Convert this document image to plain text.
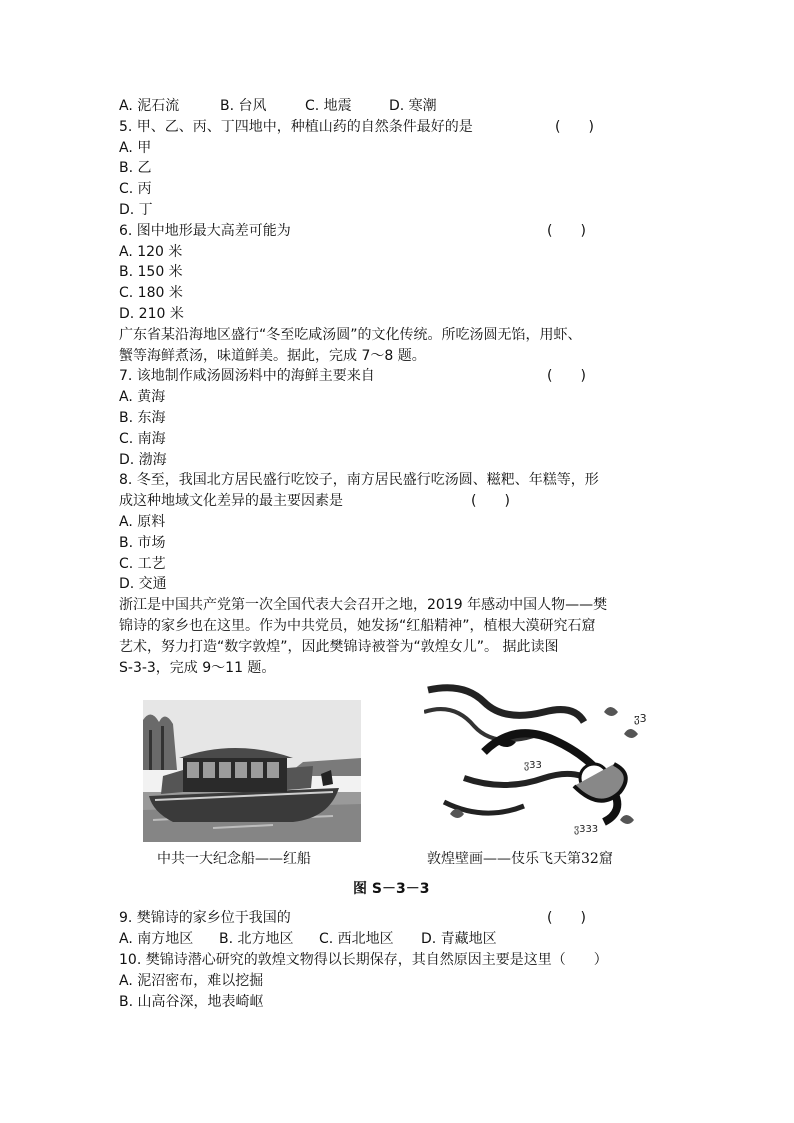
A. 泥石流	B. 台风	C. 地震	D. 寒潮
5. 甲、乙、丙、丁四地中，种植山药的自然条件最好的是	(　　)
A. 甲
B. 乙
C. 丙
D. 丁
6. 图中地形最大高差可能为	(　　)
A. 120 米
B. 150 米
C. 180 米
D. 210 米
广东省某沿海地区盛行“冬至吃咸汤圆”的文化传统。所吃汤圆无馅，用虾、
蟹等海鲜煮汤，味道鲜美。据此，完成 7～8 题。
7. 该地制作咸汤圆汤料中的海鲜主要来自	(　　)
A. 黄海
B. 东海
C. 南海
D. 渤海
8. 冬至，我国北方居民盛行吃饺子，南方居民盛行吃汤圆、糍粑、年糕等，形
成这种地域文化差异的最主要因素是	(　　)
A. 原料
B. 市场
C. 工艺
D. 交通
浙江是中国共产党第一次全国代表大会召开之地，2019 年感动中国人物——樊
锦诗的家乡也在这里。作为中共党员，她发扬“红船精神”，植根大漠研究石窟
艺术，努力打造“数字敦煌”，因此樊锦诗被誉为“敦煌女儿”。 据此读图
S-3-3，完成 9～11 题。
ჳ3
ჳ33
ჳ333
中共一大纪念船——红船	敦煌壁画——伎乐飞天第32窟
图 S－3－3
9. 樊锦诗的家乡位于我国的	(　　)
A. 南方地区 B. 北方地区 C. 西北地区 D. 青藏地区
10. 樊锦诗潜心研究的敦煌文物得以长期保存，其自然原因主要是这里（　　）
A. 泥沼密布，难以挖掘
B. 山高谷深，地表崎岖
